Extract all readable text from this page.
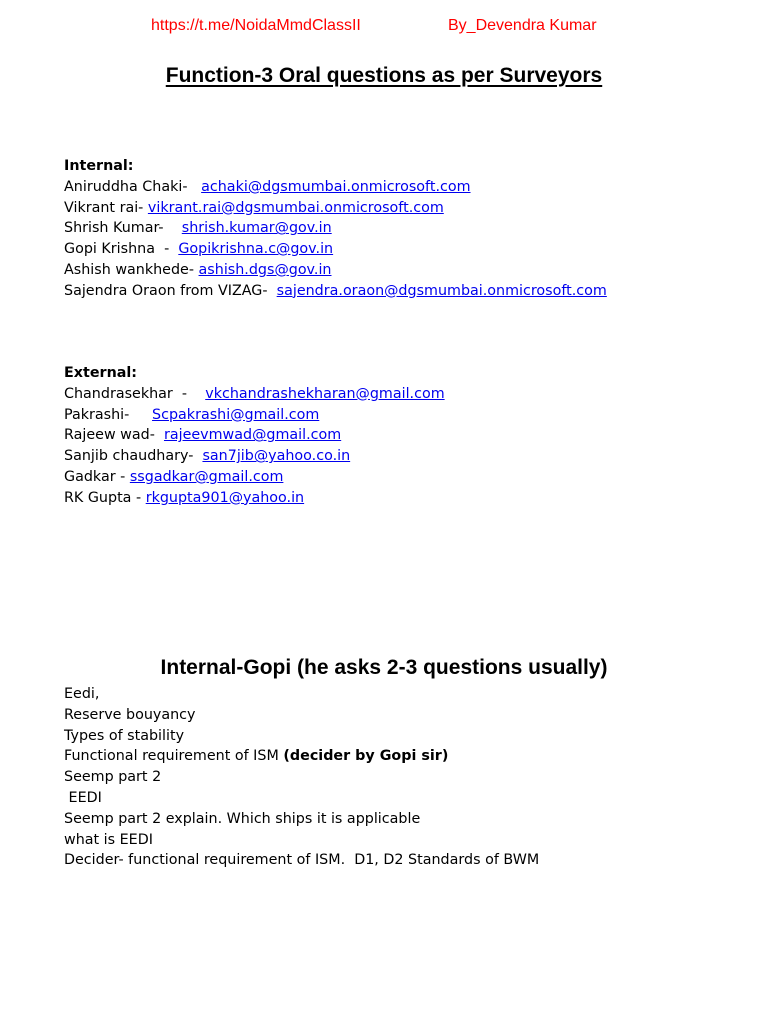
https://t.me/NoidaMmdClassII	By_Devendra Kumar
Function-3 Oral questions as per Surveyors
Internal:
Aniruddha Chaki-   achaki@dgsmumbai.onmicrosoft.com
Vikrant rai- vikrant.rai@dgsmumbai.onmicrosoft.com
Shrish Kumar-    shrish.kumar@gov.in
Gopi Krishna  -  Gopikrishna.c@gov.in
Ashish wankhede- ashish.dgs@gov.in
Sajendra Oraon from VIZAG-  sajendra.oraon@dgsmumbai.onmicrosoft.com
External:
Chandrasekhar  -    vkchandrashekharan@gmail.com
Pakrashi-     Scpakrashi@gmail.com
Rajeew wad-  rajeevmwad@gmail.com
Sanjib chaudhary-  san7jib@yahoo.co.in
Gadkar - ssgadkar@gmail.com
RK Gupta - rkgupta901@yahoo.in
Internal-Gopi (he asks 2-3 questions usually)
Eedi,
Reserve bouyancy
Types of stability
Functional requirement of ISM (decider by Gopi sir)
Seemp part 2
EEDI
Seemp part 2 explain. Which ships it is applicable
what is EEDI
Decider- functional requirement of ISM.  D1, D2 Standards of BWM
